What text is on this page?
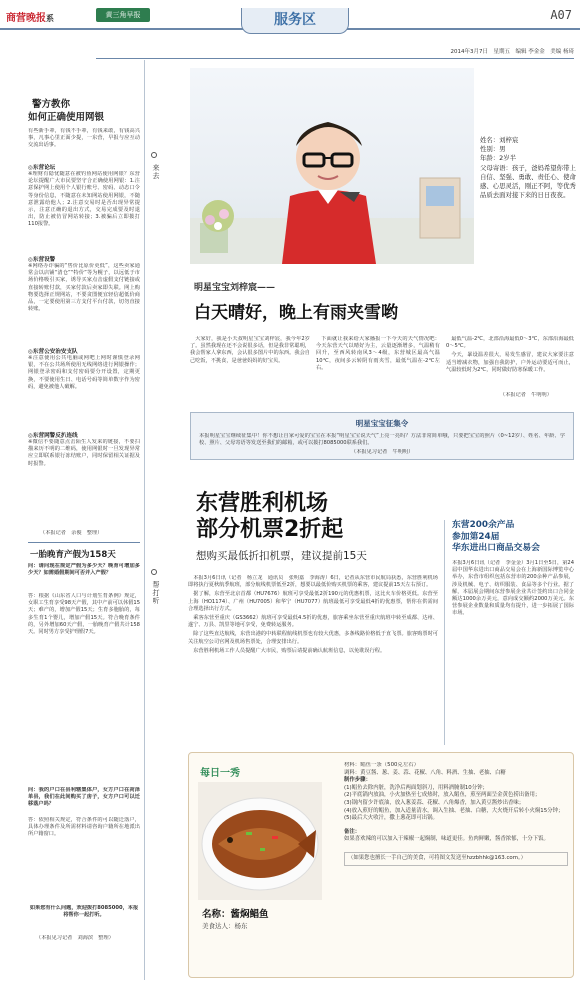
商营晚报系	黄三角早报	服务区	A07
2014年3月7日　星期五　编辑 李金金　美编 杨琦
警方教你
如何正确使用网银
有些新手辈，有钱不手辈，有钱来敢，有钱高兴事，凡事心里正面少提，一东营，早报与应互动交流出话事。
◎东营论坛
※理财有隐忧随意在被钓鱼网站使用网银？东营论坛提醒广大市民要坚守合正确使用网银：1.注意保护网上使用个人银行账号、密码、动态口令等身份信息，不随意在未知网站使用网银，不随意泄露给他人；2.注意交易时是否出现异常提示，注意正确的退出方式，交易完成要及时退出，防止被仿冒网站转接；3.被骗后立即拨打110报警。
◎东营设警
※网络办诈骗的“售价比原价更低”，这些卖家通常会以店铺“清仓”“特价”等为幌子，以远低于市场价格吸引买家，诱导买家点击虚假支付链接或直接转账付款，买家付款后卖家即失联。网上购物要选择正规网站，不要贪图便宜轻信超低价商品，一定要使用第三方支付平台付款，切勿直接转账。
◎东营公安治安支队
※注意使用公共电脑或网吧上网时谨慎登录网银，不在公共场所使用无线网络进行网银操作；网银登录密码和支付密码要分开设置，定期更换，不要使用生日、电话号码等简单数字作为密码，避免被他人破解。
◎东营网警反扒连线
※微信不要随意点击陌生人发来的链接，不要扫描来历不明的二维码，使用网银时一旦发现异常应立即联系银行冻结账户，同时保留相关证据及时报警。
（本报记者　余俊　整理）
一胎晚育产假为158天
问：请问现在规定产假为多少天？晚育可增加多少天？如需婚假期间可否并入产假？
答：根据《山东省人口与计划生育条例》规定，女职工生育享受98天产假，其中产前可以休假15天；难产的，增加产假15天；生育多胞胎的，每多生育1个婴儿，增加产假15天。符合晚育条件的，另外增加60天产假，一胎晚育产假共计158天。同时男方享受护理假7天。
问：我的户口在县利辖集体户，女方户口在菏泽单县，我们在此间购买了房子，女方户口可以迁移落户吗？
答：依照相关规定，符合条件的可以随迁落户，具体办理条件及所需材料请咨询户籍所在地派出所户籍窗口。
如果您有什么问题，欢迎拨打8085000，本报将帮你一起打听。
（本报见习记者　刘海滨　整理）
来去
帮打听
姓名：刘梓宸
性别：男
年龄：2岁半
父母寄语：孩子，爸妈希望你带上自信、坚强、勇敢、责任心、使命感、心思灵活，刚正不阿，等优秀品质去面对接下来的日日夜夜。
明星宝宝刘梓宸——
白天晴好，晚上有雨夹雪哟

大家好，我是小天叔明星宝宝刘梓宸，我今年2岁了。虽然我现在还不会说很多话，但是我非常聪明，我会帮家人拿东西，会认很多图片中的东西。我会自己吃饭，不挑食，是爸爸妈妈的好宝贝。

下面就让我来给大家播报一下今天的天气情况吧：今天东营天气以晴好为主，云量逐渐增多，气温稍有回升，至西风转南风3～4级，东营城区最高气温10℃，夜间多云转阴有雨夹雪，最低气温在-2℃左右。

最低气温-2℃，北部沿海最低0～3℃，东部沿海最低0～5℃。

今天，暴设温差很大，易发生感冒，建议大家要注意适当增减衣物，加强自我防护，户外运动要适可而止，气温较低时为2℃，同时做好防寒保暖工作。

（本报记者　牛明明）
明星宝宝征集令
本报明星宝宝继续征集中！你不想让自家可爱的宝宝在本报“明星宝宝说天气”上亮一亮吗？方法非常简单哦，只要把宝宝的照片（0~12岁）、姓名、年龄、学校、照片、父母寄语等发送至我们的邮箱，或可以拨打8085000联系我们。
（本报见习记者　牛明明）
东营胜利机场
部分机票2折起
想购买最低折扣机票，建议提前15天

本报3月6日讯（记者　杨立龙　通讯员　张明嘉　李海涛）6日，记者从东营市民航局获悉，东营胜利机场即将执行夏秋航季航班，部分航线机票低至2折，想要以最低价购买机票的乘客，建议提前15天左右预订。

据了解，东营至北京首都（HU7676）航班可享受最低2折190元的优惠机票，这比火车价格更低。东营至上海（HO1174）、广州（HU7005）和华宁（HU7077）航班最低可享受最低4折的优惠票，帮你在供需间合理选择出行方式。

乘客东营至重庆（GS3662）航班可享受最低4.5折的优惠，旅客乘坐东营至重庆航班中转至成都、达州、遂宁、万县、凯里等地可享受，免费转运服务。

除了这些直达航线，东营出港的中转联程航线机票也有较大优惠，多条线路价格低于直飞票。旅客购票时可关注航空公司官网及机场售票处，合理安排出行。

东营胜利机场工作人员提醒广大市民，购票后请提前确认航班信息，以免耽误行程。

东营200余产品
参加第24届
华东进出口商品交易会
本报3月6日讯（记者　李金金）3月1日至5日，第24届中国华东进出口商品交易会在上海新国际博览中心举办，东营市组织包括东营市的200余种产品参展，涉及机械、电子、纺织服装、食品等多个行业。据了解，本届展会期间东营参展企业共计签约出口合同金额达1000余万美元，意向成交额约2000万美元。东营参展企业数量和质量均有提升，进一步拓展了国际市场。
每日一秀
名称：酱焖鲳鱼
美食达人：杨东
材料：鲳鱼一条（500克左右）
调料：黄豆酱、葱、姜、蒜、花椒、八角、料酒、生抽、老抽、白糖
制作步骤：
(1)鲳鱼去除内脏，洗净后两面划斜刀，用料酒腌制10分钟；
(2)平底锅内放油，小火加热至七成热时，放入鲳鱼，煎至两面呈金黄色捞出备用；
(3)锅内留少许底油，放入葱姜蒜、花椒、八角爆香，加入黄豆酱炒出香味；
(4)放入煎好的鲳鱼，加入适量清水，调入生抽、老抽、白糖，大火烧开后转小火焖15分钟；
(5)最后大火收汁，撒上葱花即可出锅。
备注：
如果喜欢辣的可以加入干辣椒一起焖制，味道更佳。鱼肉鲜嫩，酱香浓郁，十分下饭。
（如果您也擅长一手自己的美食，可将图文发送至hzzbhhk@163.com。）
